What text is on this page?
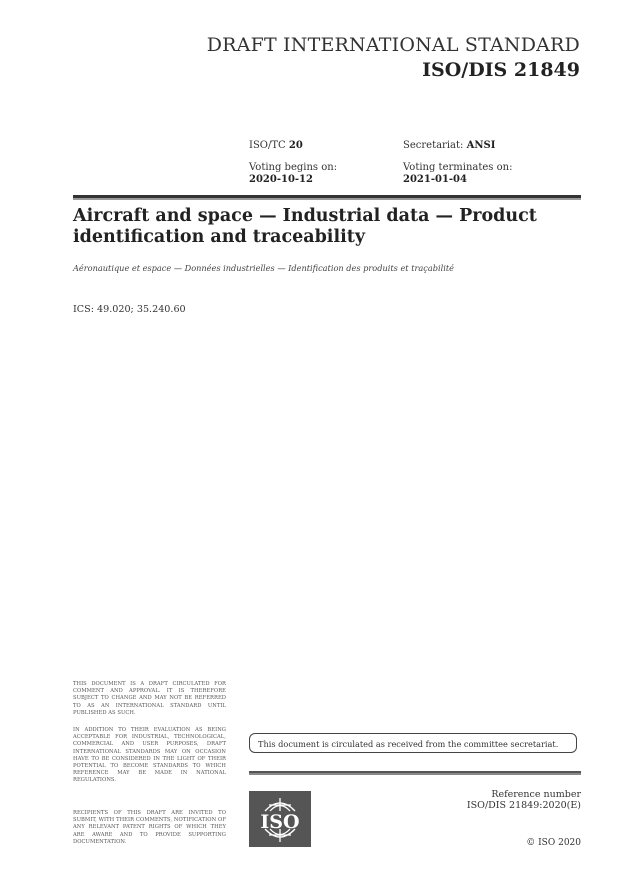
DRAFT INTERNATIONAL STANDARD
ISO/DIS 21849
ISO/TC 20	Secretariat: ANSI
Voting begins on:
2020-10-12
Voting terminates on:
2021-01-04
Aircraft and space — Industrial data — Product identification and traceability
Aéronautique et espace — Données industrielles — Identification des produits et traçabilité
ICS: 49.020; 35.240.60
THIS DOCUMENT IS A DRAFT CIRCULATED FOR COMMENT AND APPROVAL. IT IS THEREFORE SUBJECT TO CHANGE AND MAY NOT BE REFERRED TO AS AN INTERNATIONAL STANDARD UNTIL PUBLISHED AS SUCH.
IN ADDITION TO THEIR EVALUATION AS BEING ACCEPTABLE FOR INDUSTRIAL, TECHNOLOGICAL, COMMERCIAL AND USER PURPOSES, DRAFT INTERNATIONAL STANDARDS MAY ON OCCASION HAVE TO BE CONSIDERED IN THE LIGHT OF THEIR POTENTIAL TO BECOME STANDARDS TO WHICH REFERENCE MAY BE MADE IN NATIONAL REGULATIONS.
RECIPIENTS OF THIS DRAFT ARE INVITED TO SUBMIT, WITH THEIR COMMENTS, NOTIFICATION OF ANY RELEVANT PATENT RIGHTS OF WHICH THEY ARE AWARE AND TO PROVIDE SUPPORTING DOCUMENTATION.
This document is circulated as received from the committee secretariat.
ISO
Reference number
ISO/DIS 21849:2020(E)
© ISO 2020
